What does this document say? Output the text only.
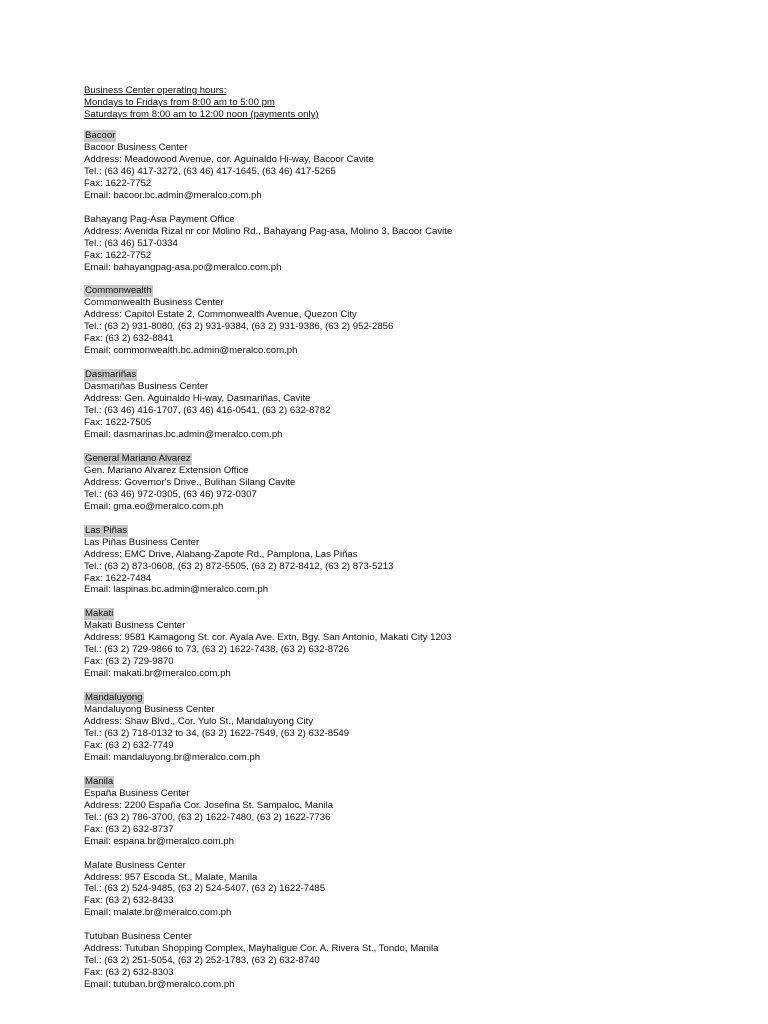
Business Center operating hours:
Mondays to Fridays from 8:00 am to 5:00 pm
Saturdays from 8:00 am to 12:00 noon (payments only)
Bacoor
Bacoor Business Center
Address: Meadowood Avenue, cor. Aguinaldo Hi-way, Bacoor Cavite
Tel.: (63 46) 417-3272, (63 46) 417-1645, (63 46) 417-5265
Fax: 1622-7752
Email: bacoor.bc.admin@meralco.com.ph
Bahayang Pag-Asa Payment Office
Address: Avenida Rizal nr cor Molino Rd., Bahayang Pag-asa, Molino 3, Bacoor Cavite
Tel.: (63 46) 517-0334
Fax: 1622-7752
Email: bahayangpag-asa.po@meralco.com.ph
Commonwealth
Commonwealth Business Center
Address: Capitol Estate 2, Commonwealth Avenue, Quezon City
Tel.: (63 2) 931-8080, (63 2) 931-9384, (63 2) 931-9386, (63 2) 952-2856
Fax: (63 2) 632-8841
Email: commonwealth.bc.admin@meralco.com.ph
Dasmariñas
Dasmariñas Business Center
Address: Gen. Aguinaldo Hi-way, Dasmariñas, Cavite
Tel.: (63 46) 416-1707, (63 46) 416-0541, (63 2) 632-8782
Fax: 1622-7505
Email: dasmarinas.bc.admin@meralco.com.ph
General Mariano Alvarez
Gen. Mariano Alvarez Extension Office
Address: Governor's Drive., Bulihan Silang Cavite
Tel.: (63 46) 972-0305, (63 46) 972-0307
Email: gma.eo@meralco.com.ph
Las Piñas
Las Piñas Business Center
Address: EMC Drive, Alabang-Zapote Rd., Pamplona, Las Piñas
Tel.: (63 2) 873-0608, (63 2) 872-5505, (63 2) 872-8412, (63 2) 873-5213
Fax: 1622-7484
Email: laspinas.bc.admin@meralco.com.ph
Makati
Makati Business Center
Address: 9581 Kamagong St. cor. Ayala Ave. Extn, Bgy. San Antonio, Makati City 1203
Tel.: (63 2) 729-9866 to 73, (63 2) 1622-7438, (63 2) 632-8726
Fax: (63 2) 729-9870
Email: makati.br@meralco.com.ph
Mandaluyong
Mandaluyong Business Center
Address: Shaw Blvd., Cor. Yulo St., Mandaluyong City
Tel.: (63 2) 718-0132 to 34, (63 2) 1622-7549, (63 2) 632-8549
Fax: (63 2) 632-7749
Email: mandaluyong.br@meralco.com.ph
Manila
España Business Center
Address: 2200 España Cor. Josefina St. Sampaloc, Manila
Tel.: (63 2) 786-3700, (63 2) 1622-7480, (63 2) 1622-7736
Fax: (63 2) 632-8737
Email: espana.br@meralco.com.ph
Malate Business Center
Address: 957 Escoda St., Malate, Manila
Tel.: (63 2) 524-9485, (63 2) 524-5407, (63 2) 1622-7485
Fax: (63 2) 632-8433
Email: malate.br@meralco.com.ph
Tutuban Business Center
Address: Tutuban Shopping Complex, Mayhaligue Cor. A. Rivera St., Tondo, Manila
Tel.: (63 2) 251-5054, (63 2) 252-1783, (63 2) 632-8740
Fax: (63 2) 632-8303
Email: tutuban.br@meralco.com.ph
